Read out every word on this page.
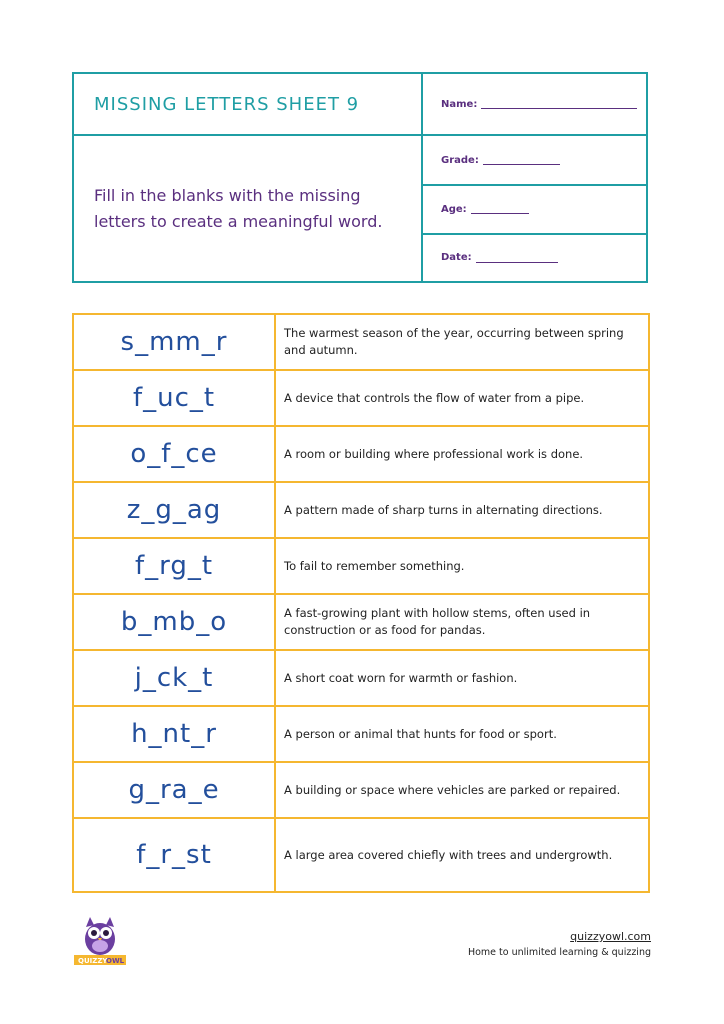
MISSING LETTERS SHEET 9	Name:

Fill in the blanks with the missing letters to create a meaningful word.

Grade:
Age:
Date:
s_mm_r	The warmest season of the year, occurring between spring and autumn.
f_uc_t	A device that controls the flow of water from a pipe.
o_f_ce	A room or building where professional work is done.
z_g_ag	A pattern made of sharp turns in alternating directions.
f_rg_t	To fail to remember something.
b_mb_o	A fast-growing plant with hollow stems, often used in construction or as food for pandas.
j_ck_t	A short coat worn for warmth or fashion.
h_nt_r	A person or animal that hunts for food or sport.
g_ra_e	A building or space where vehicles are parked or repaired.
f_r_st	A large area covered chiefly with trees and undergrowth.
QUIZZY
OWL
quizzyowl.com
Home to unlimited learning & quizzing
